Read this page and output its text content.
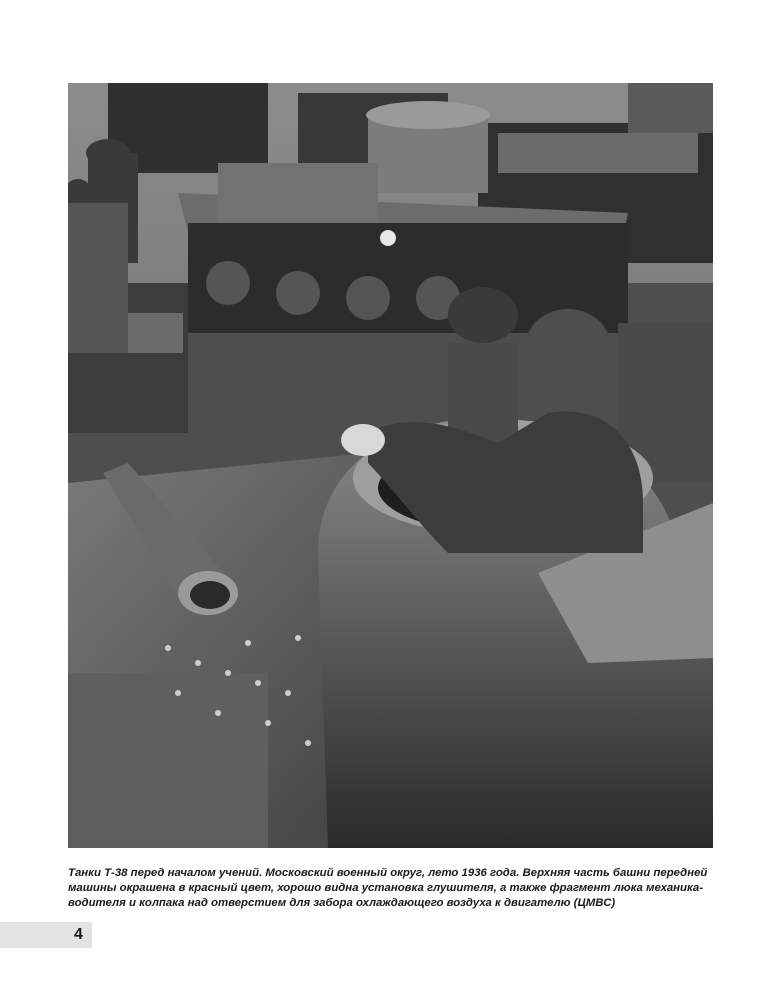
Танки Т-38 перед началом учений. Московский военный округ, лето 1936 года. Верхняя часть башни передней машины окрашена в красный цвет, хорошо видна установка глушителя, а также фрагмент люка механика-водителя и колпака над отверстием для забора охлаждающего воздуха к двигателю (ЦМВС)

4
